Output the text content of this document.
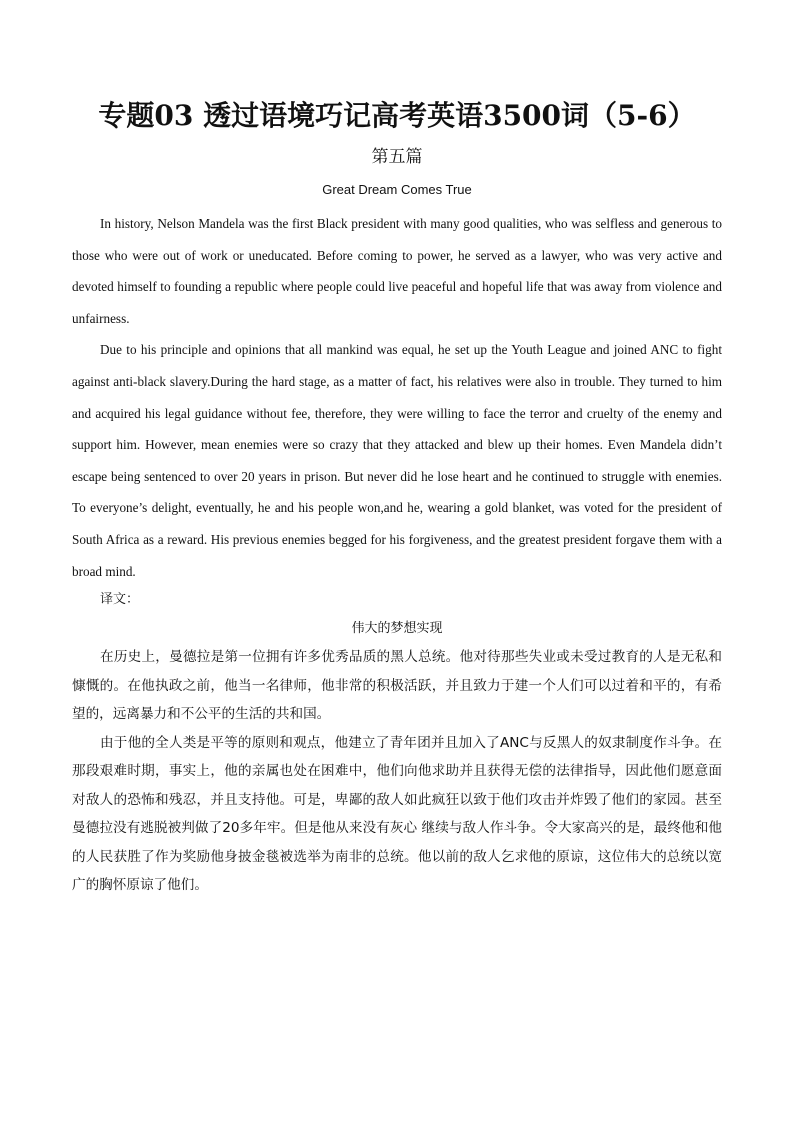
专题03 透过语境巧记高考英语3500词（5-6）
第五篇
Great Dream Comes True

In history, Nelson Mandela was the first Black president with many good qualities, who was selfless and generous to those who were out of work or uneducated. Before coming to power, he served as a lawyer, who was very active and devoted himself to founding a republic where people could live peaceful and hopeful life that was away from violence and unfairness.

Due to his principle and opinions that all mankind was equal, he set up the Youth League and joined ANC to fight against anti-black slavery.During the hard stage, as a matter of fact, his relatives were also in trouble. They turned to him and acquired his legal guidance without fee, therefore, they were willing to face the terror and cruelty of the enemy and support him. However, mean enemies were so crazy that they attacked and blew up their homes. Even Mandela didn’t escape being sentenced to over 20 years in prison. But never did he lose heart and he continued to struggle with enemies. To everyone’s delight, eventually, he and his people won,and he, wearing a gold blanket, was voted for the president of South Africa as a reward. His previous enemies begged for his forgiveness, and the greatest president forgave them with a broad mind.

译文：
伟大的梦想实现

在历史上，曼德拉是第一位拥有许多优秀品质的黑人总统。他对待那些失业或未受过教育的人是无私和慷慨的。在他执政之前，他当一名律师，他非常的积极活跃，并且致力于建一个人们可以过着和平的，有希望的，远离暴力和不公平的生活的共和国。

由于他的全人类是平等的原则和观点，他建立了青年团并且加入了ANC与反黑人的奴隶制度作斗争。在那段艰难时期，事实上，他的亲属也处在困难中，他们向他求助并且获得无偿的法律指导，因此他们愿意面对敌人的恐怖和残忍，并且支持他。可是，卑鄙的敌人如此疯狂以致于他们攻击并炸毁了他们的家园。甚至曼德拉没有逃脱被判做了20多年牢。但是他从来没有灰心 继续与敌人作斗争。令大家高兴的是，最终他和他的人民获胜了作为奖励他身披金毯被选举为南非的总统。他以前的敌人乞求他的原谅，这位伟大的总统以宽广的胸怀原谅了他们。
